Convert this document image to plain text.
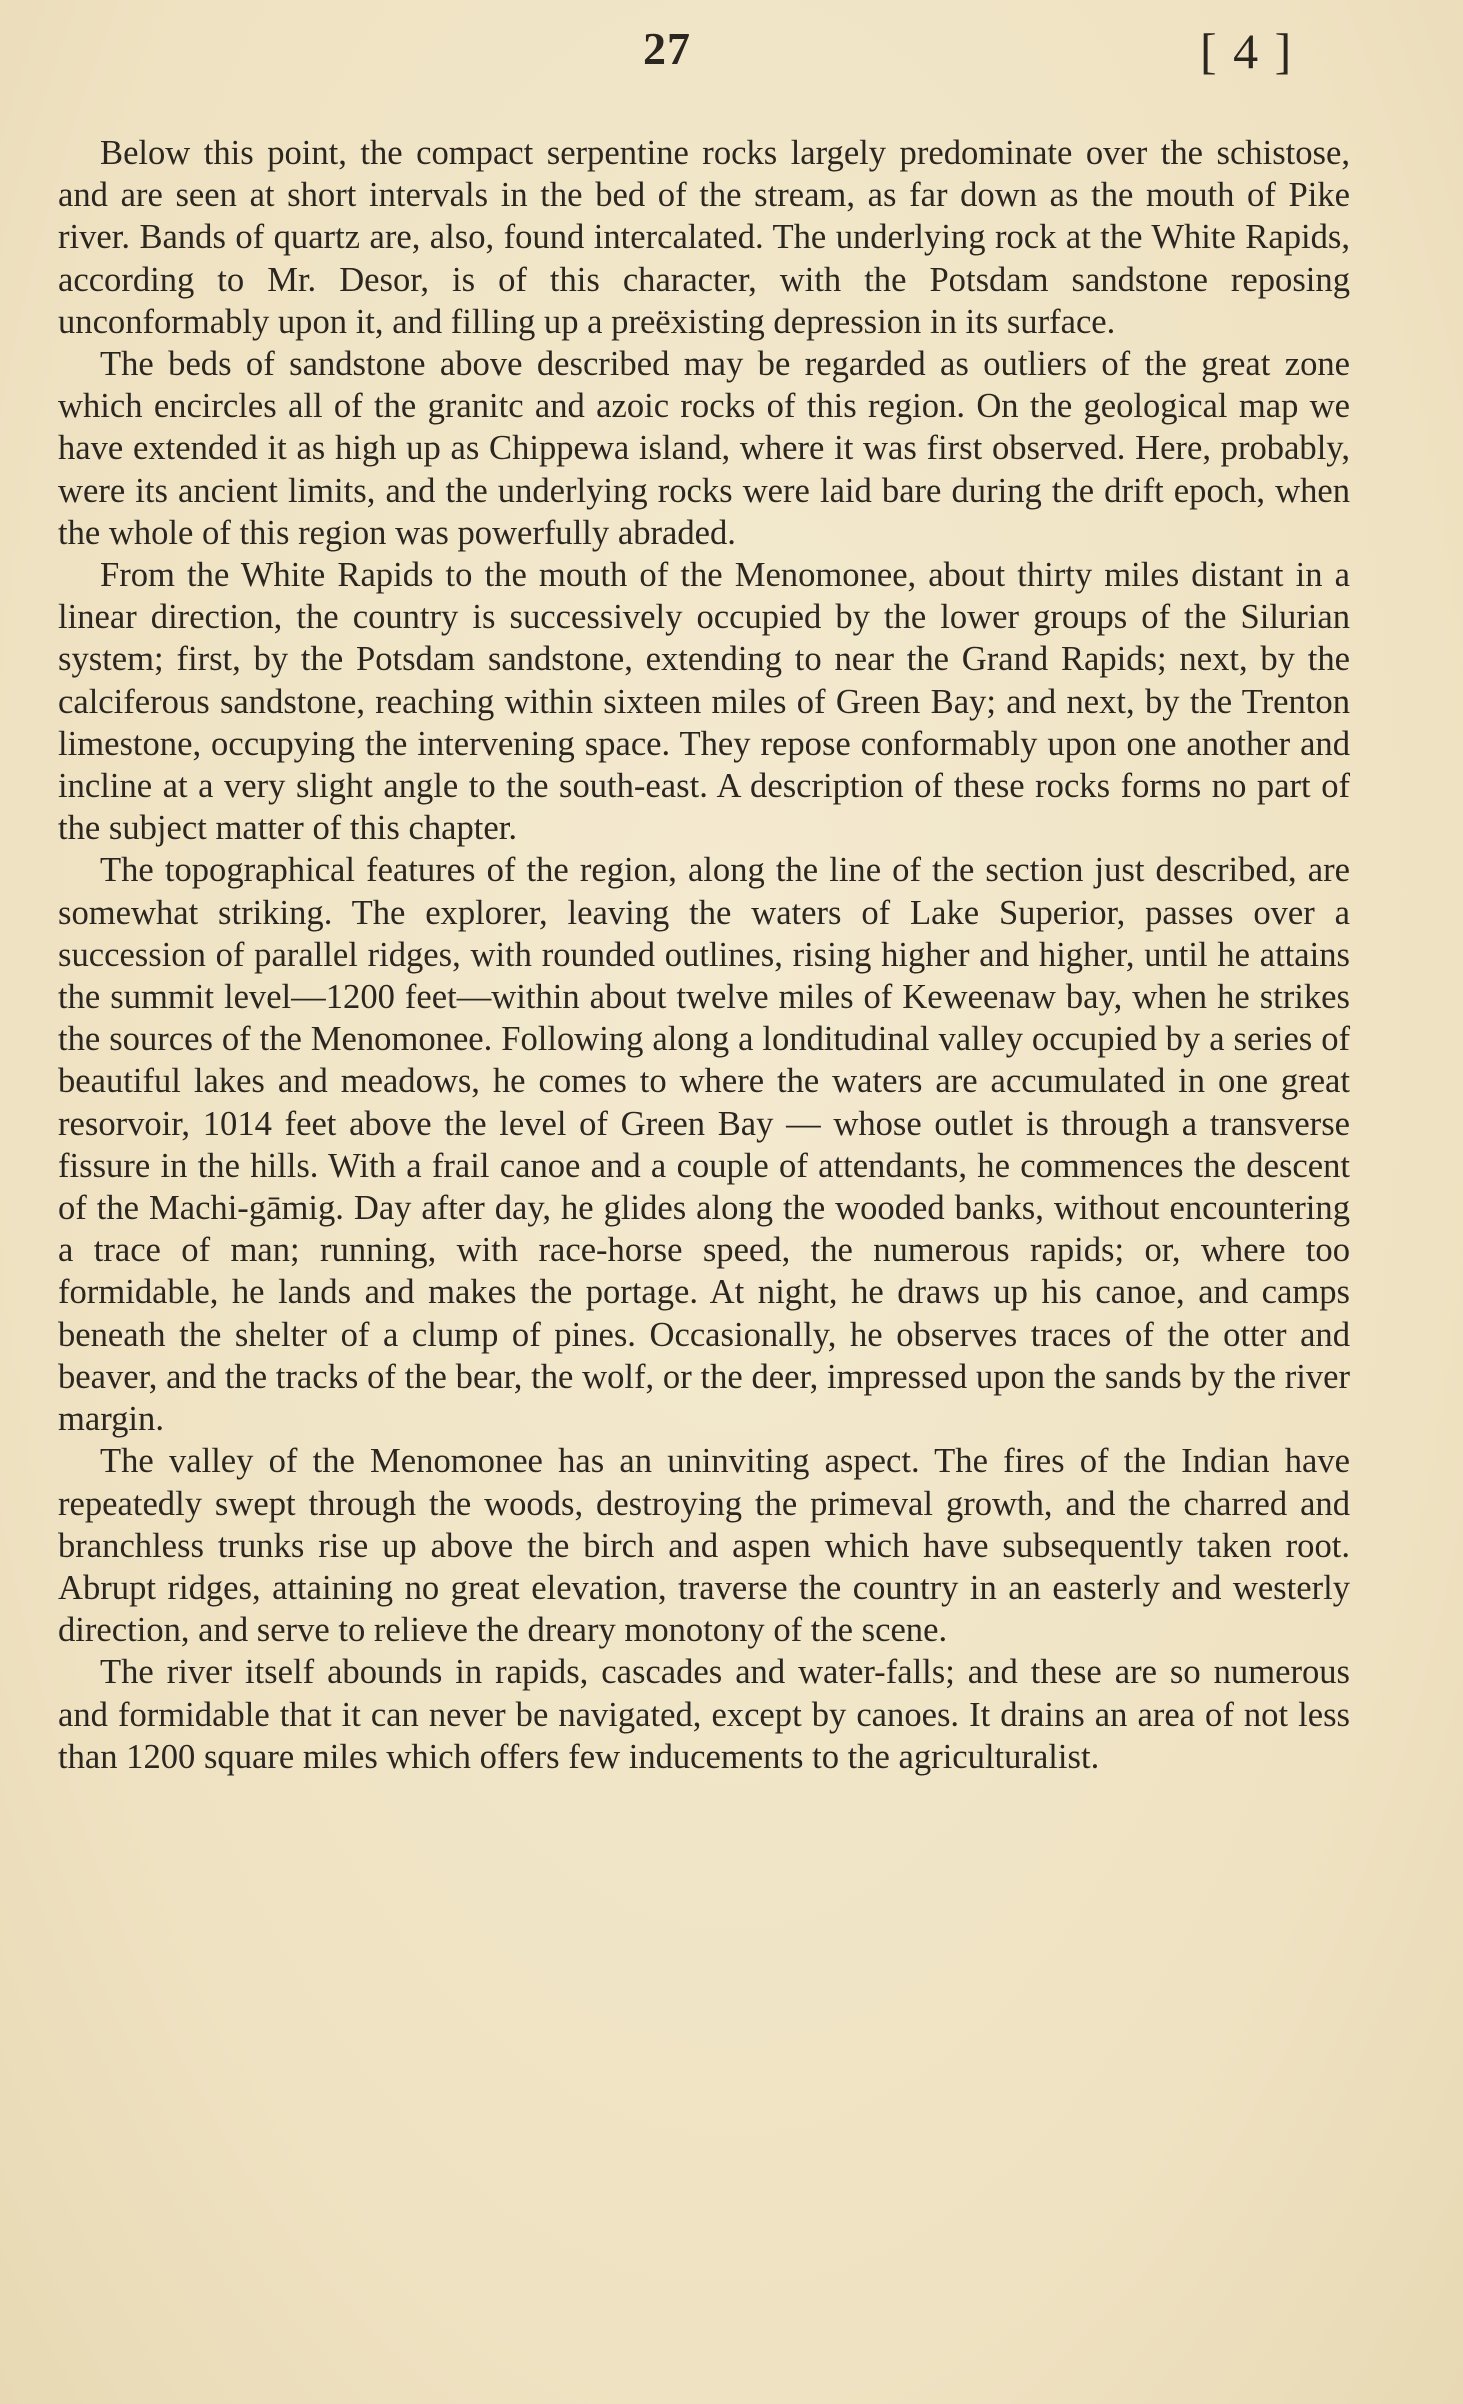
27	[ 4 ]

Below this point, the compact serpentine rocks largely predominate over the schistose, and are seen at short intervals in the bed of the stream, as far down as the mouth of Pike river. Bands of quartz are, also, found intercalated. The underlying rock at the White Rapids, according to Mr. Desor, is of this character, with the Potsdam sandstone reposing unconformably upon it, and filling up a preëxisting depression in its surface.

The beds of sandstone above described may be regarded as outliers of the great zone which encircles all of the granitc and azoic rocks of this region. On the geological map we have extended it as high up as Chippewa island, where it was first observed. Here, probably, were its ancient limits, and the underlying rocks were laid bare during the drift epoch, when the whole of this region was powerfully abraded.

From the White Rapids to the mouth of the Menomonee, about thirty miles distant in a linear direction, the country is successively occupied by the lower groups of the Silurian system; first, by the Potsdam sandstone, extending to near the Grand Rapids; next, by the calciferous sandstone, reaching within sixteen miles of Green Bay; and next, by the Trenton limestone, occupying the intervening space. They repose conformably upon one another and incline at a very slight angle to the south-east. A description of these rocks forms no part of the subject matter of this chapter.

The topographical features of the region, along the line of the section just described, are somewhat striking. The explorer, leaving the waters of Lake Superior, passes over a succession of parallel ridges, with rounded outlines, rising higher and higher, until he attains the summit level—1200 feet—within about twelve miles of Keweenaw bay, when he strikes the sources of the Menomonee. Following along a londitudinal valley occupied by a series of beautiful lakes and meadows, he comes to where the waters are accumulated in one great resorvoir, 1014 feet above the level of Green Bay — whose outlet is through a transverse fissure in the hills. With a frail canoe and a couple of attendants, he commences the descent of the Machi-gāmig. Day after day, he glides along the wooded banks, without encountering a trace of man; running, with race-horse speed, the numerous rapids; or, where too formidable, he lands and makes the portage. At night, he draws up his canoe, and camps beneath the shelter of a clump of pines. Occasionally, he observes traces of the otter and beaver, and the tracks of the bear, the wolf, or the deer, impressed upon the sands by the river margin.

The valley of the Menomonee has an uninviting aspect. The fires of the Indian have repeatedly swept through the woods, destroying the primeval growth, and the charred and branchless trunks rise up above the birch and aspen which have subsequently taken root. Abrupt ridges, attaining no great elevation, traverse the country in an easterly and westerly direction, and serve to relieve the dreary monotony of the scene.

The river itself abounds in rapids, cascades and water-falls; and these are so numerous and formidable that it can never be navigated, except by canoes. It drains an area of not less than 1200 square miles which offers few inducements to the agriculturalist.
